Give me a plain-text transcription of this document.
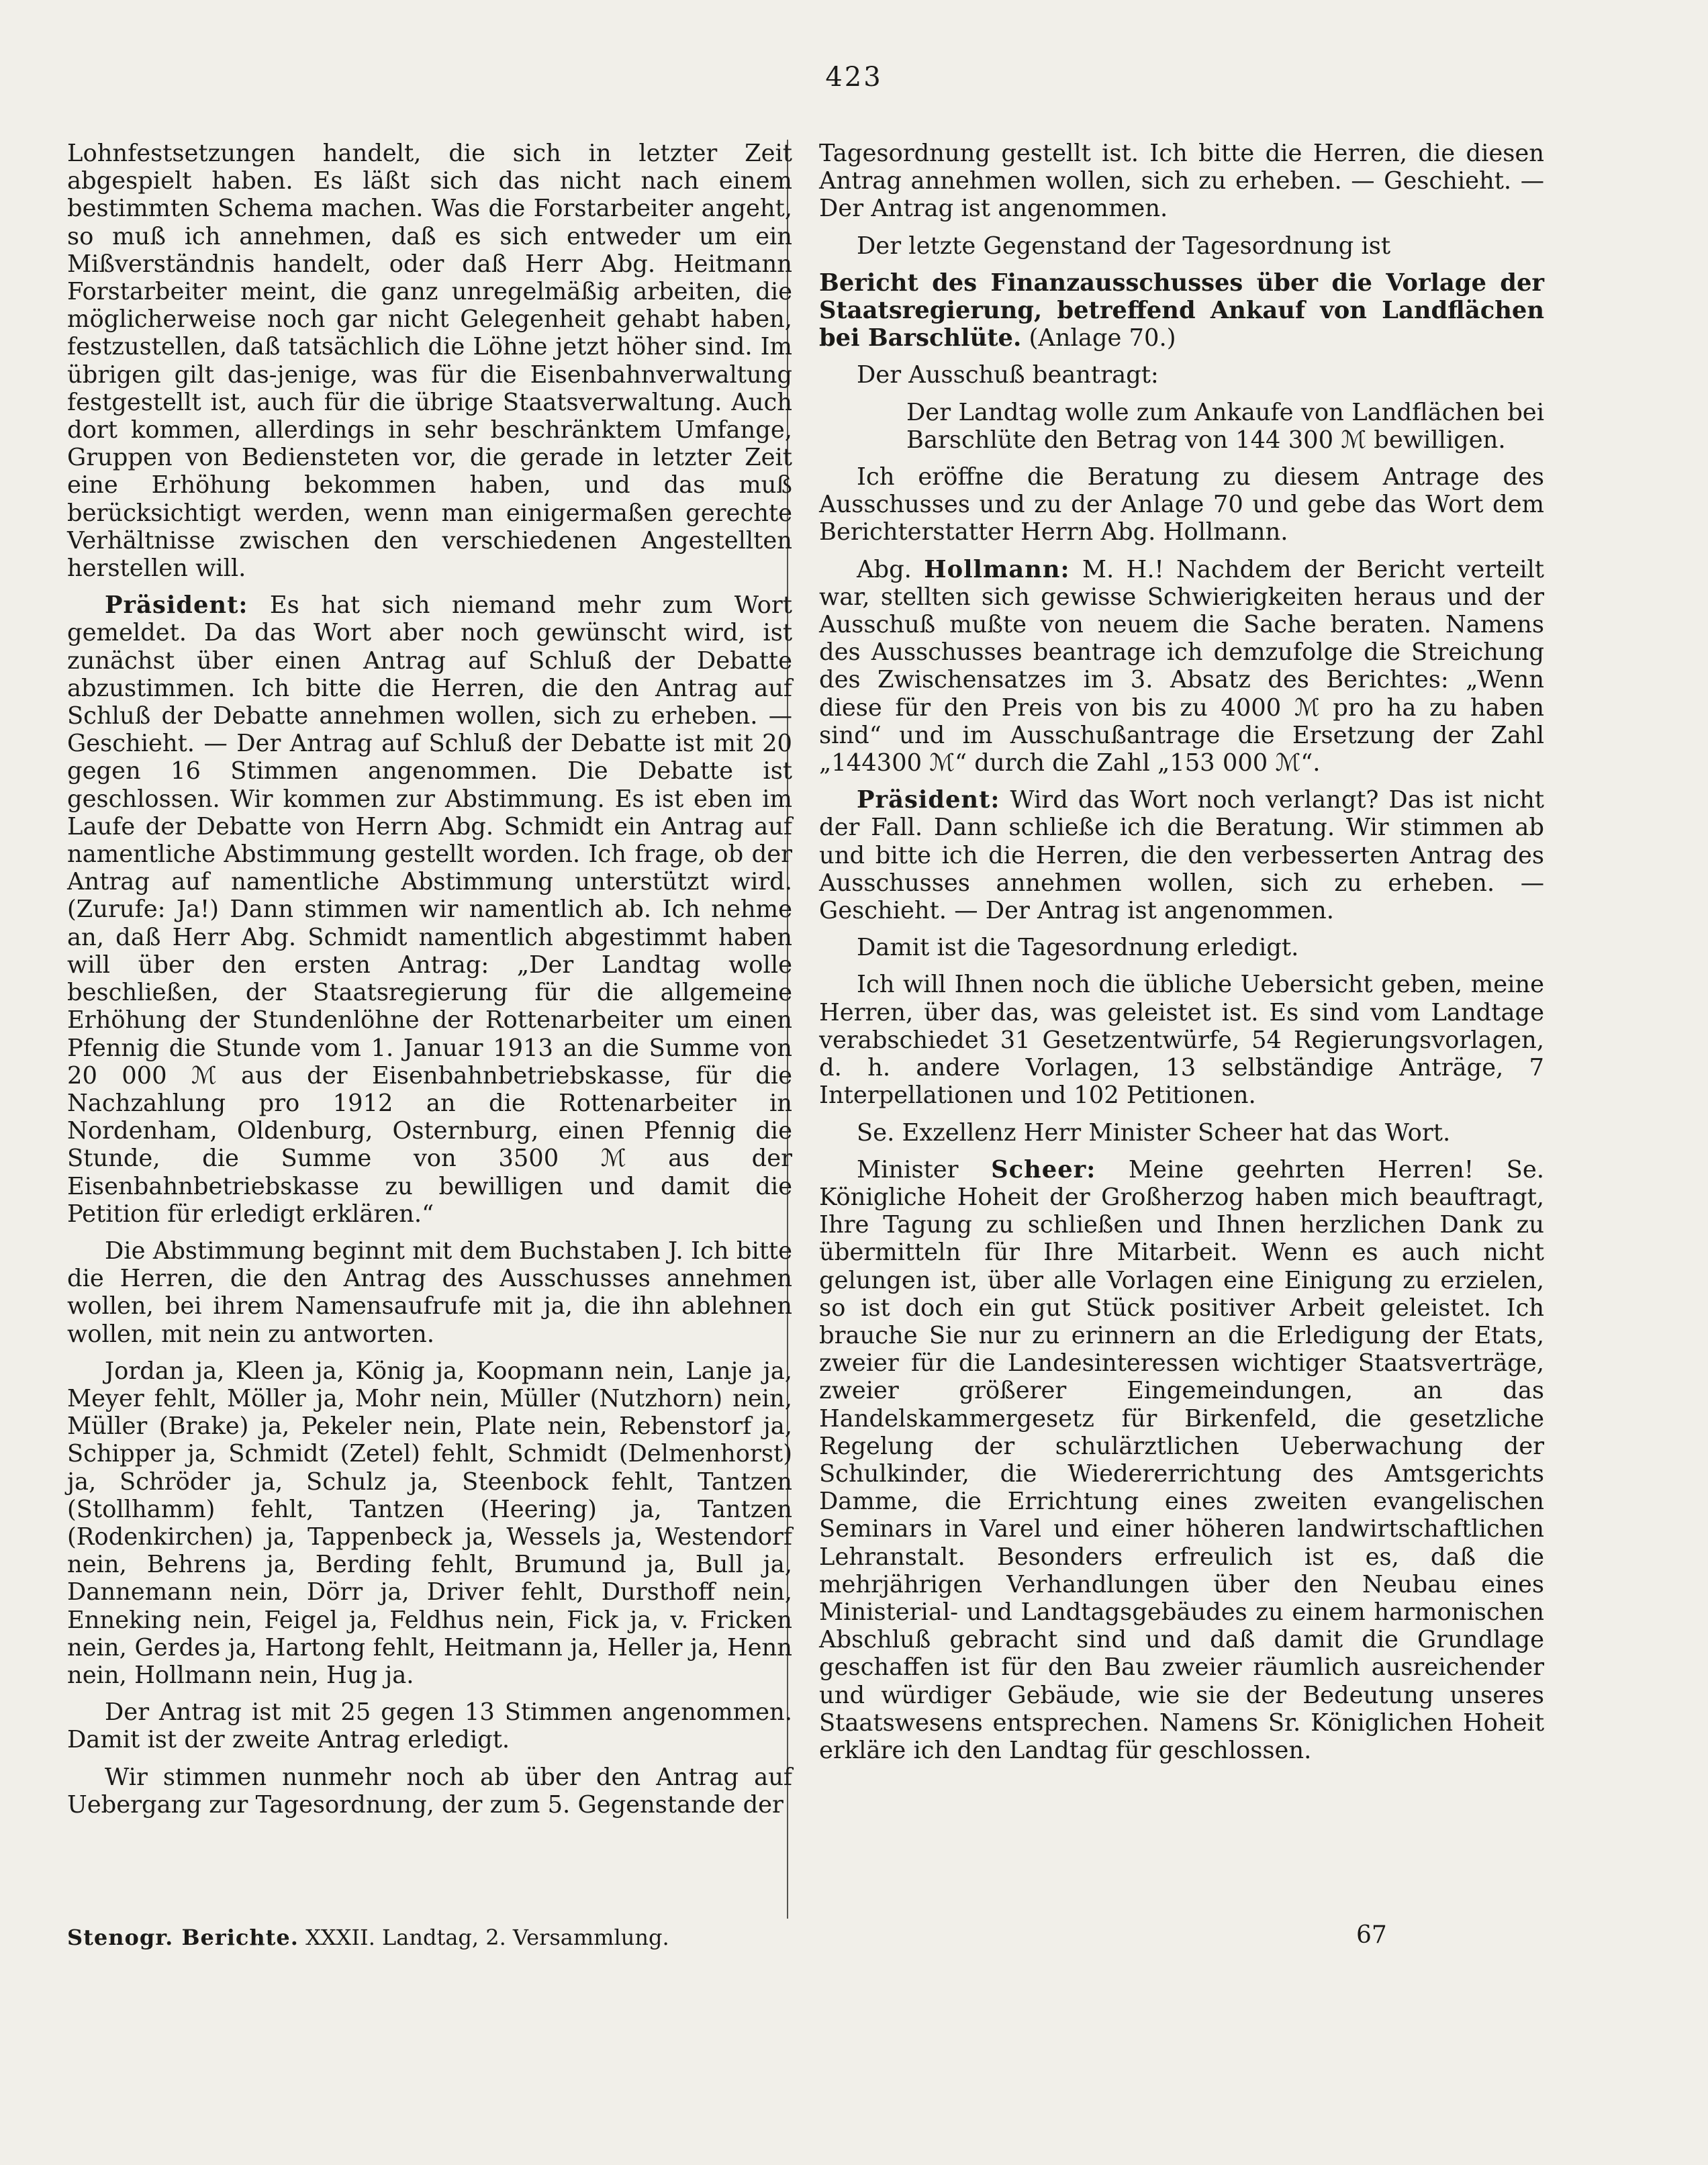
423

Lohnfestsetzungen handelt, die sich in letzter Zeit abgespielt haben. Es läßt sich das nicht nach einem bestimmten Schema machen. Was die Forstarbeiter angeht, so muß ich annehmen, daß es sich entweder um ein Mißverständnis handelt, oder daß Herr Abg. Heitmann Forstarbeiter meint, die ganz unregelmäßig arbeiten, die möglicherweise noch gar nicht Gelegenheit gehabt haben, festzustellen, daß tatsächlich die Löhne jetzt höher sind. Im übrigen gilt das-jenige, was für die Eisenbahnverwaltung festgestellt ist, auch für die übrige Staatsverwaltung. Auch dort kommen, allerdings in sehr beschränktem Umfange, Gruppen von Bediensteten vor, die gerade in letzter Zeit eine Erhöhung bekommen haben, und das muß berücksichtigt werden, wenn man einigermaßen gerechte Verhältnisse zwischen den verschiedenen Angestellten herstellen will.

Präsident: Es hat sich niemand mehr zum Wort gemeldet. Da das Wort aber noch gewünscht wird, ist zunächst über einen Antrag auf Schluß der Debatte abzustimmen. Ich bitte die Herren, die den Antrag auf Schluß der Debatte annehmen wollen, sich zu erheben. — Geschieht. — Der Antrag auf Schluß der Debatte ist mit 20 gegen 16 Stimmen angenommen. Die Debatte ist geschlossen. Wir kommen zur Abstimmung. Es ist eben im Laufe der Debatte von Herrn Abg. Schmidt ein Antrag auf namentliche Abstimmung gestellt worden. Ich frage, ob der Antrag auf namentliche Abstimmung unterstützt wird. (Zurufe: Ja!) Dann stimmen wir namentlich ab. Ich nehme an, daß Herr Abg. Schmidt namentlich abgestimmt haben will über den ersten Antrag: „Der Landtag wolle beschließen, der Staatsregierung für die allgemeine Erhöhung der Stundenlöhne der Rottenarbeiter um einen Pfennig die Stunde vom 1. Januar 1913 an die Summe von 20 000 ℳ aus der Eisenbahnbetriebskasse, für die Nachzahlung pro 1912 an die Rottenarbeiter in Nordenham, Oldenburg, Osternburg, einen Pfennig die Stunde, die Summe von 3500 ℳ aus der Eisenbahnbetriebskasse zu bewilligen und damit die Petition für erledigt erklären.“

Die Abstimmung beginnt mit dem Buchstaben J. Ich bitte die Herren, die den Antrag des Ausschusses annehmen wollen, bei ihrem Namensaufrufe mit ja, die ihn ablehnen wollen, mit nein zu antworten.

Jordan ja, Kleen ja, König ja, Koopmann nein, Lanje ja, Meyer fehlt, Möller ja, Mohr nein, Müller (Nutzhorn) nein, Müller (Brake) ja, Pekeler nein, Plate nein, Rebenstorf ja, Schipper ja, Schmidt (Zetel) fehlt, Schmidt (Delmenhorst) ja, Schröder ja, Schulz ja, Steenbock fehlt, Tantzen (Stollhamm) fehlt, Tantzen (Heering) ja, Tantzen (Rodenkirchen) ja, Tappenbeck ja, Wessels ja, Westendorf nein, Behrens ja, Berding fehlt, Brumund ja, Bull ja, Dannemann nein, Dörr ja, Driver fehlt, Dursthoff nein, Enneking nein, Feigel ja, Feldhus nein, Fick ja, v. Fricken nein, Gerdes ja, Hartong fehlt, Heitmann ja, Heller ja, Henn nein, Hollmann nein, Hug ja.

Der Antrag ist mit 25 gegen 13 Stimmen angenommen. Damit ist der zweite Antrag erledigt.

Wir stimmen nunmehr noch ab über den Antrag auf Uebergang zur Tagesordnung, der zum 5. Gegenstande der

Tagesordnung gestellt ist. Ich bitte die Herren, die diesen Antrag annehmen wollen, sich zu erheben. — Geschieht. — Der Antrag ist angenommen.

Der letzte Gegenstand der Tagesordnung ist

Bericht des Finanzausschusses über die Vorlage der Staatsregierung, betreffend Ankauf von Landflächen bei Barschlüte. (Anlage 70.)

Der Ausschuß beantragt:

Der Landtag wolle zum Ankaufe von Landflächen bei Barschlüte den Betrag von 144 300 ℳ bewilligen.

Ich eröffne die Beratung zu diesem Antrage des Ausschusses und zu der Anlage 70 und gebe das Wort dem Berichterstatter Herrn Abg. Hollmann.

Abg. Hollmann: M. H.! Nachdem der Bericht verteilt war, stellten sich gewisse Schwierigkeiten heraus und der Ausschuß mußte von neuem die Sache beraten. Namens des Ausschusses beantrage ich demzufolge die Streichung des Zwischensatzes im 3. Absatz des Berichtes: „Wenn diese für den Preis von bis zu 4000 ℳ pro ha zu haben sind“ und im Ausschußantrage die Ersetzung der Zahl „144300 ℳ“ durch die Zahl „153 000 ℳ“.

Präsident: Wird das Wort noch verlangt? Das ist nicht der Fall. Dann schließe ich die Beratung. Wir stimmen ab und bitte ich die Herren, die den verbesserten Antrag des Ausschusses annehmen wollen, sich zu erheben. — Geschieht. — Der Antrag ist angenommen.

Damit ist die Tagesordnung erledigt.

Ich will Ihnen noch die übliche Uebersicht geben, meine Herren, über das, was geleistet ist. Es sind vom Landtage verabschiedet 31 Gesetzentwürfe, 54 Regierungsvorlagen, d. h. andere Vorlagen, 13 selbständige Anträge, 7 Interpellationen und 102 Petitionen.

Se. Exzellenz Herr Minister Scheer hat das Wort.

Minister Scheer: Meine geehrten Herren! Se. Königliche Hoheit der Großherzog haben mich beauftragt, Ihre Tagung zu schließen und Ihnen herzlichen Dank zu übermitteln für Ihre Mitarbeit. Wenn es auch nicht gelungen ist, über alle Vorlagen eine Einigung zu erzielen, so ist doch ein gut Stück positiver Arbeit geleistet. Ich brauche Sie nur zu erinnern an die Erledigung der Etats, zweier für die Landesinteressen wichtiger Staatsverträge, zweier größerer Eingemeindungen, an das Handelskammergesetz für Birkenfeld, die gesetzliche Regelung der schulärztlichen Ueberwachung der Schulkinder, die Wiedererrichtung des Amtsgerichts Damme, die Errichtung eines zweiten evangelischen Seminars in Varel und einer höheren landwirtschaftlichen Lehranstalt. Besonders erfreulich ist es, daß die mehrjährigen Verhandlungen über den Neubau eines Ministerial- und Landtagsgebäudes zu einem harmonischen Abschluß gebracht sind und daß damit die Grundlage geschaffen ist für den Bau zweier räumlich ausreichender und würdiger Gebäude, wie sie der Bedeutung unseres Staatswesens entsprechen. Namens Sr. Königlichen Hoheit erkläre ich den Landtag für geschlossen.

Stenogr. Berichte. XXXII. Landtag, 2. Versammlung.	67
